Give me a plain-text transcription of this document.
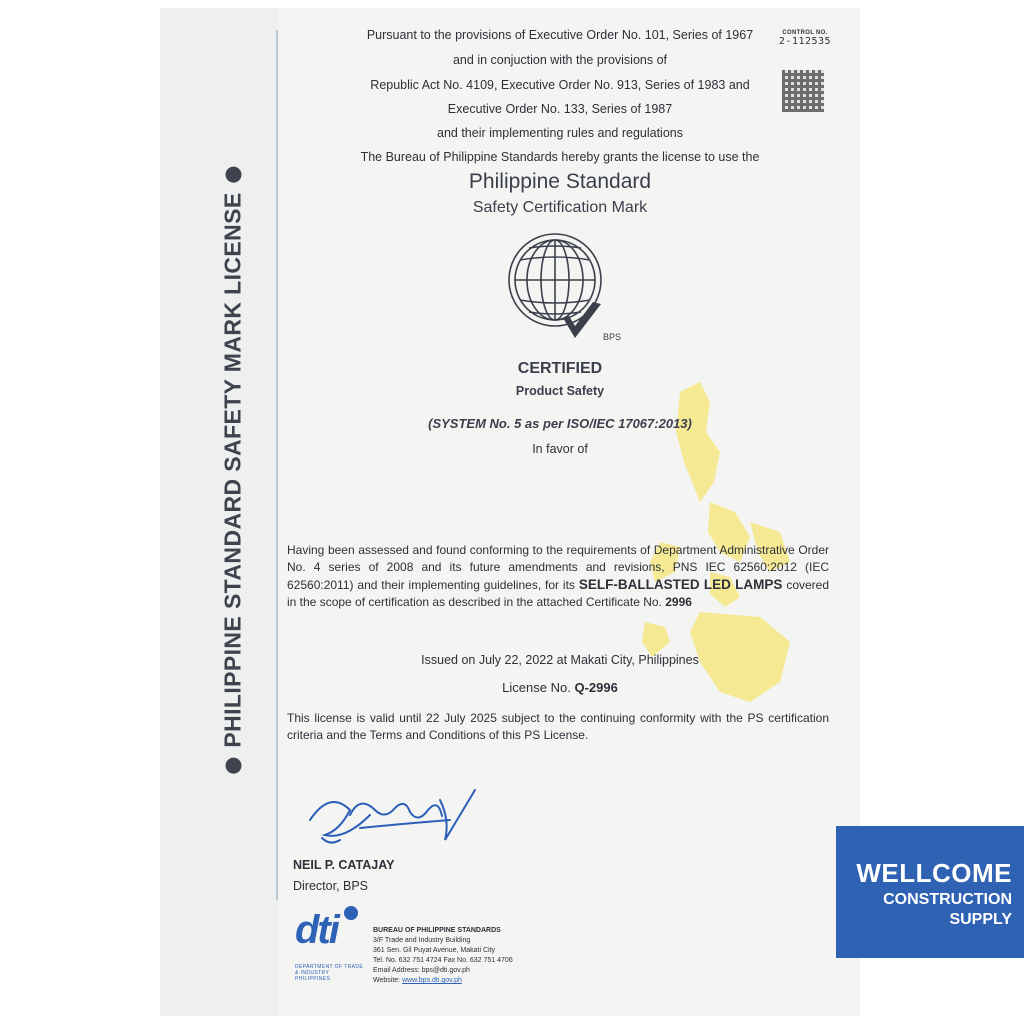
PHILIPPINE STANDARD SAFETY MARK LICENSE
CONTROL NO.
2-112535
Pursuant to the provisions of Executive Order No. 101, Series of 1967
and in conjuction with the provisions of
Republic Act No. 4109, Executive Order No. 913, Series of 1983 and
Executive Order No. 133, Series of 1987
and their implementing rules and regulations
The Bureau of Philippine Standards hereby grants the license to use the
Philippine Standard
Safety Certification Mark
BPS
CERTIFIED
Product Safety
(SYSTEM No. 5 as per ISO/IEC 17067:2013)
In favor of
Having been assessed and found conforming to the requirements of Department Administrative Order No. 4 series of 2008 and its future amendments and revisions, PNS IEC 62560:2012 (IEC 62560:2011) and their implementing guidelines, for its SELF-BALLASTED LED LAMPS covered in the scope of certification as described in the attached Certificate No. 2996
Issued on July 22, 2022 at Makati City, Philippines
License No. Q-2996
This license is valid until 22 July 2025 subject to the continuing conformity with the PS certification criteria and the Terms and Conditions of this PS License.
NEIL P. CATAJAY
Director, BPS
dti
DEPARTMENT OF TRADE & INDUSTRY
PHILIPPINES
BUREAU OF PHILIPPINE STANDARDS
3/F Trade and Industry Building
361 Sen. Gil Puyat Avenue, Makati City
Tel. No. 632 751 4724 Fax No. 632 751 4706
Email Address: bps@dti.gov.ph
Website: www.bps.dti.gov.ph
WELLCOME
CONSTRUCTION
SUPPLY
